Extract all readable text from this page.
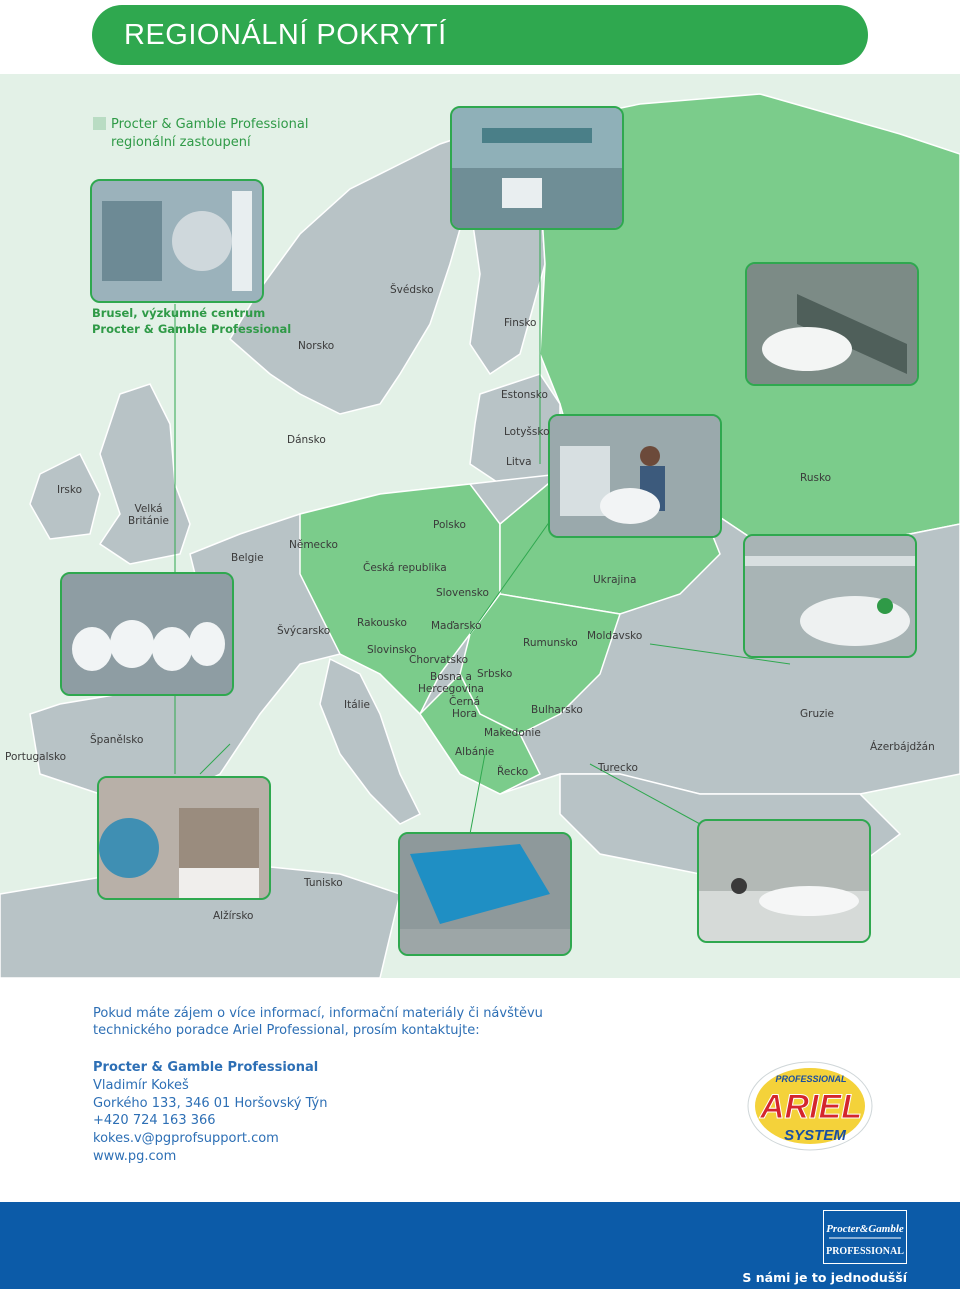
REGIONÁLNÍ POKRYTÍ
Švédsko
Finsko
Norsko
Estonsko
Dánsko
Lotyšsko
Litva
Irsko
Rusko
Velká
Británie	Polsko
Belgie
Německo
Česká republika
Ukrajina
Slovensko
Švýcarsko
Rakousko Maďarsko
Rumunsko
Moldavsko
Slovinsko
Chorvatsko
Bosna a
Hercegovina
Srbsko
Černá
Hora
Itálie	Bulharsko	Gruzie
Španělsko
Makedonie
Portugalsko	Albánie	Ázerbájdžán
Řecko	Turecko
Tunisko
Alžírsko
Procter & Gamble Professional
regionální zastoupení
Brusel, výzkumné centrum
Procter & Gamble Professional
Pokud máte zájem o více informací, informační materiály či návštěvu
technického poradce Ariel Professional, prosím kontaktujte:
Procter & Gamble Professional
Vladimír Kokeš
Gorkého 133, 346 01 Horšovský Týn
+420 724 163 366
kokes.v@pgprofsupport.com
www.pg.com
PROFESSIONAL
ARIEL
SYSTEM
Procter&Gamble
PROFESSIONAL
S námi je to jednodušší
